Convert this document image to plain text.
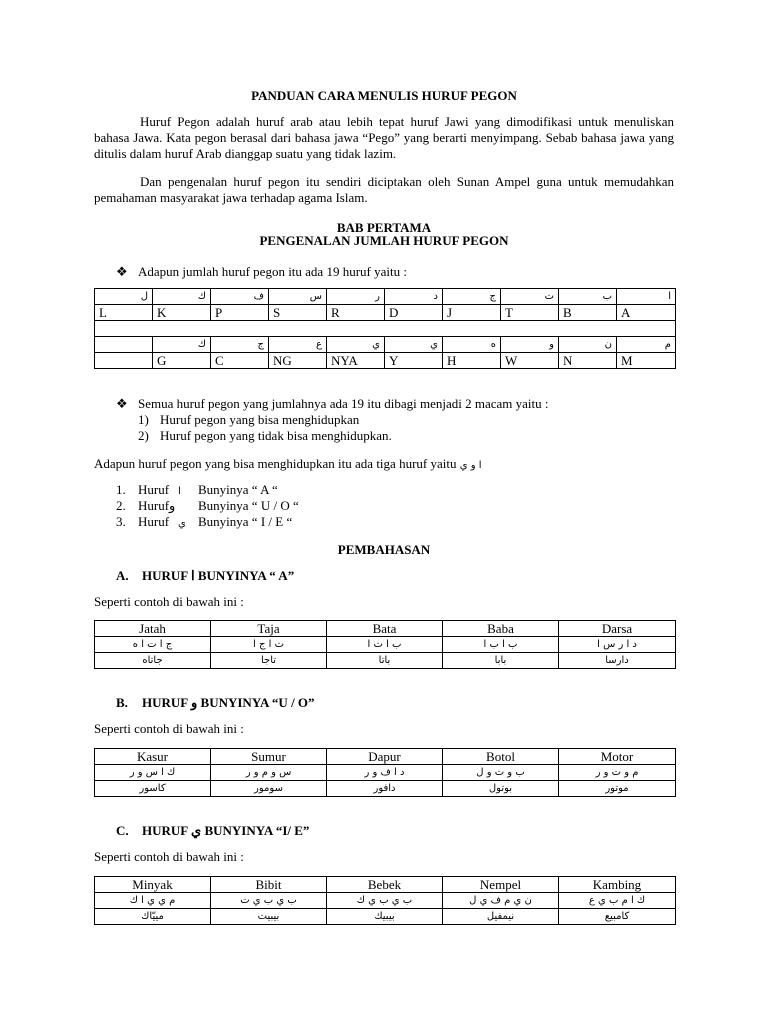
PANDUAN CARA MENULIS HURUF PEGON
Huruf Pegon adalah huruf arab atau lebih tepat huruf Jawi yang dimodifikasi untuk menuliskan bahasa Jawa. Kata pegon berasal dari bahasa jawa “Pego” yang berarti menyimpang. Sebab bahasa jawa yang ditulis dalam huruf Arab dianggap suatu yang tidak lazim.
Dan pengenalan huruf pegon itu sendiri diciptakan oleh Sunan Ampel guna untuk memudahkan pemahaman masyarakat jawa terhadap agama Islam.
BAB PERTAMA
PENGENALAN JUMLAH HURUF PEGON
❖ Adapun jumlah huruf pegon itu ada 19 huruf yaitu :
ل	ك	ف	س	ر	د	ج	ت	ب	ا
L	K	P	S	R	D	J	T	B	A

	ك	ج	ع	ي	ي	ه	و	ن	م
	G	C	NG	NYA	Y	H	W	N	M
❖ Semua huruf pegon yang jumlahnya ada 19 itu dibagi menjadi 2 macam yaitu :
1) Huruf pegon yang bisa menghidupkan
2) Huruf pegon yang tidak bisa menghidupkan.
Adapun huruf pegon yang bisa menghidupkan itu ada tiga huruf yaitu ا و ي
1. Huruf ا Bunyinya “ A “
2. Hurufو Bunyinya “ U / O “
3. Huruf ي Bunyinya “ I / E “
PEMBAHASAN
A. HURUF ا BUNYINYA “ A”
Seperti contoh di bawah ini :
Jatah	Taja	Bata	Baba	Darsa
ج ا ت ا ه	ت ا ج ا	ب ا ت ا	ب ا ب ا	د ا ر س ا
جاتاه	تاجا	باتا	بابا	دارسا
B. HURUF و BUNYINYA “U / O”
Seperti contoh di bawah ini :
Kasur	Sumur	Dapur	Botol	Motor
ك ا س و ر	س و م و ر	د ا ف و ر	ب و ت و ل	م و ت و ر
كاسور	سومور	دافور	بوتول	موتور
C. HURUF ي BUNYINYA “I/ E”
Seperti contoh di bawah ini :
Minyak	Bibit	Bebek	Nempel	Kambing
م ي ي ا ك	ب ي ب ي ت	ب ي ب ي ك	ن ي م ف ي ل	ك ا م ب ي ع
مييّاك	بيبيت	بيبيك	نيمفيل	كامبيع
